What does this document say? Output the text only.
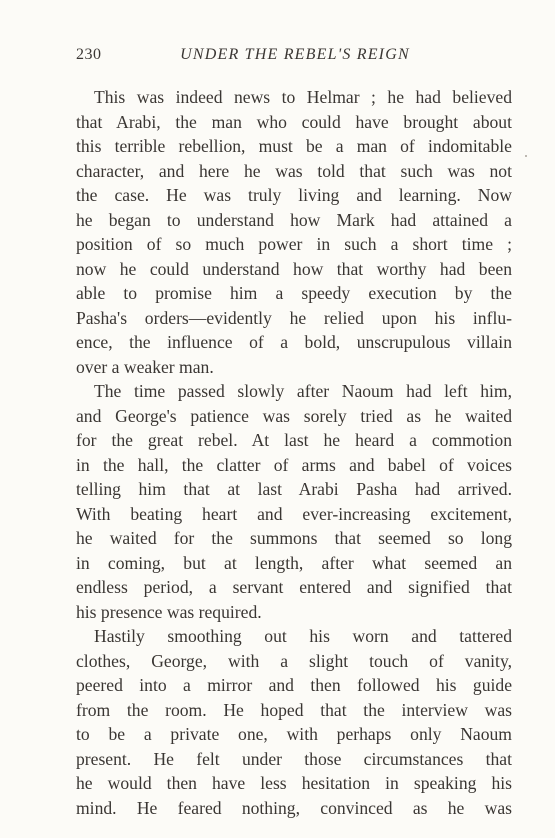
230	UNDER THE REBEL'S REIGN
This was indeed news to Helmar ; he had believed
that Arabi, the man who could have brought about
this terrible rebellion, must be a man of indomitable
character, and here he was told that such was not
the case. He was truly living and learning. Now
he began to understand how Mark had attained a
position of so much power in such a short time ;
now he could understand how that worthy had been
able to promise him a speedy execution by the
Pasha's orders—evidently he relied upon his influ-
ence, the influence of a bold, unscrupulous villain
over a weaker man.
The time passed slowly after Naoum had left him,
and George's patience was sorely tried as he waited
for the great rebel. At last he heard a commotion
in the hall, the clatter of arms and babel of voices
telling him that at last Arabi Pasha had arrived.
With beating heart and ever-increasing excitement,
he waited for the summons that seemed so long
in coming, but at length, after what seemed an
endless period, a servant entered and signified that
his presence was required.
Hastily smoothing out his worn and tattered
clothes, George, with a slight touch of vanity,
peered into a mirror and then followed his guide
from the room. He hoped that the interview was
to be a private one, with perhaps only Naoum
present. He felt under those circumstances that
he would then have less hesitation in speaking his
mind. He feared nothing, convinced as he was
